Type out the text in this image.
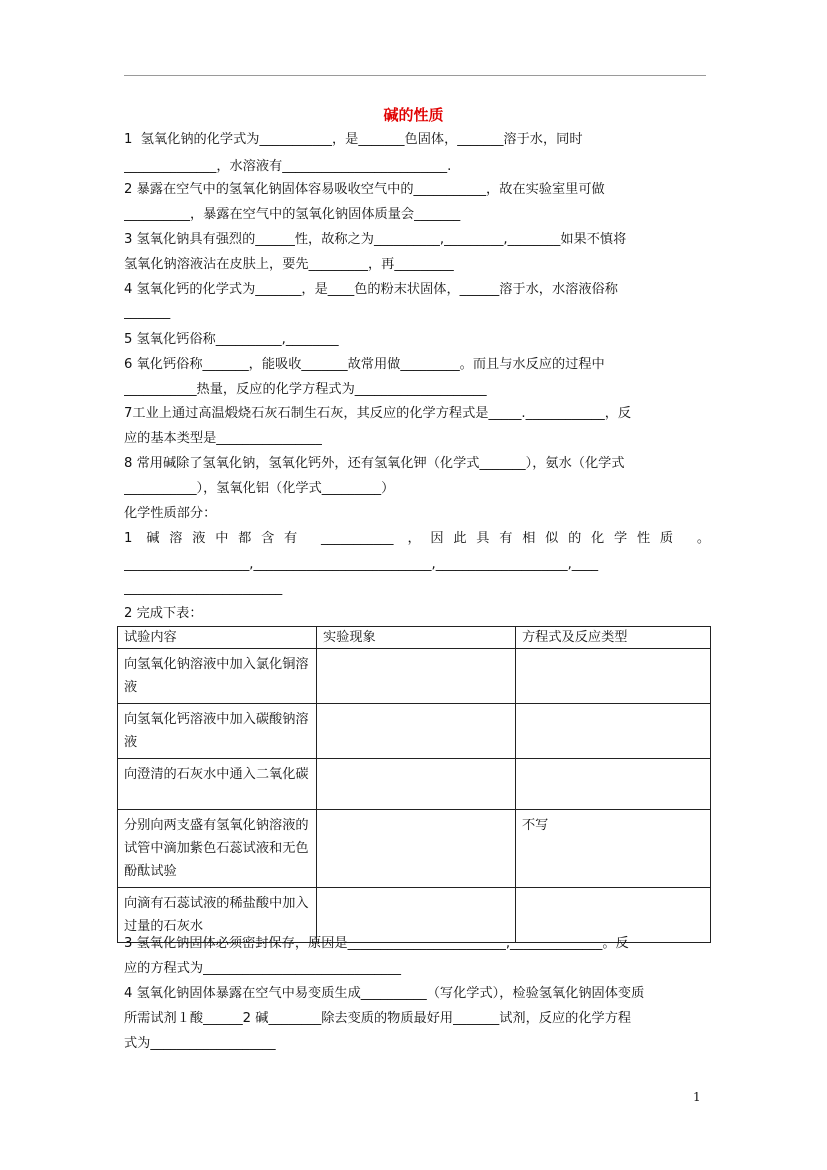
碱的性质
1  氢氧化钠的化学式为___________，是_______色固体，_______溶于水，同时
______________，水溶液有_________________________.
2 暴露在空气中的氢氧化钠固体容易吸收空气中的___________，故在实验室里可做
__________，暴露在空气中的氢氧化钠固体质量会_______
3 氢氧化钠具有强烈的______性，故称之为__________,_________,________如果不慎将
氢氧化钠溶液沾在皮肤上，要先_________，再_________
4 氢氧化钙的化学式为_______，是____色的粉末状固体，______溶于水，水溶液俗称
_______
5 氢氧化钙俗称__________,________
6 氧化钙俗称_______，能吸收_______故常用做_________。而且与水反应的过程中
___________热量，反应的化学方程式为____________________
7工业上通过高温煅烧石灰石制生石灰，其反应的化学方程式是_____.____________，反
应的基本类型是________________
8 常用碱除了氢氧化钠，氢氧化钙外，还有氢氧化钾（化学式_______），氨水（化学式
___________），氢氧化铝（化学式_________）
化学性质部分：
1 碱溶液中都含有 ___________ ，因此具有相似的化学性质 。
___________________,___________________________,____________________,____
________________________
2 完成下表：
试验内容	实验现象	方程式及反应类型
向氢氧化钠溶液中加入氯化铜溶液		
向氢氧化钙溶液中加入碳酸钠溶液		
向澄清的石灰水中通入二氧化碳		
分别向两支盛有氢氧化钠溶液的试管中滴加紫色石蕊试液和无色酚酞试验		不写
向滴有石蕊试液的稀盐酸中加入过量的石灰水		
3 氢氧化钠固体必须密封保存，原因是________________________,______________。反
应的方程式为______________________________
4 氢氧化钠固体暴露在空气中易变质生成__________（写化学式），检验氢氧化钠固体变质
所需试剂１酸______2 碱________除去变质的物质最好用_______试剂，反应的化学方程
式为___________________
1
